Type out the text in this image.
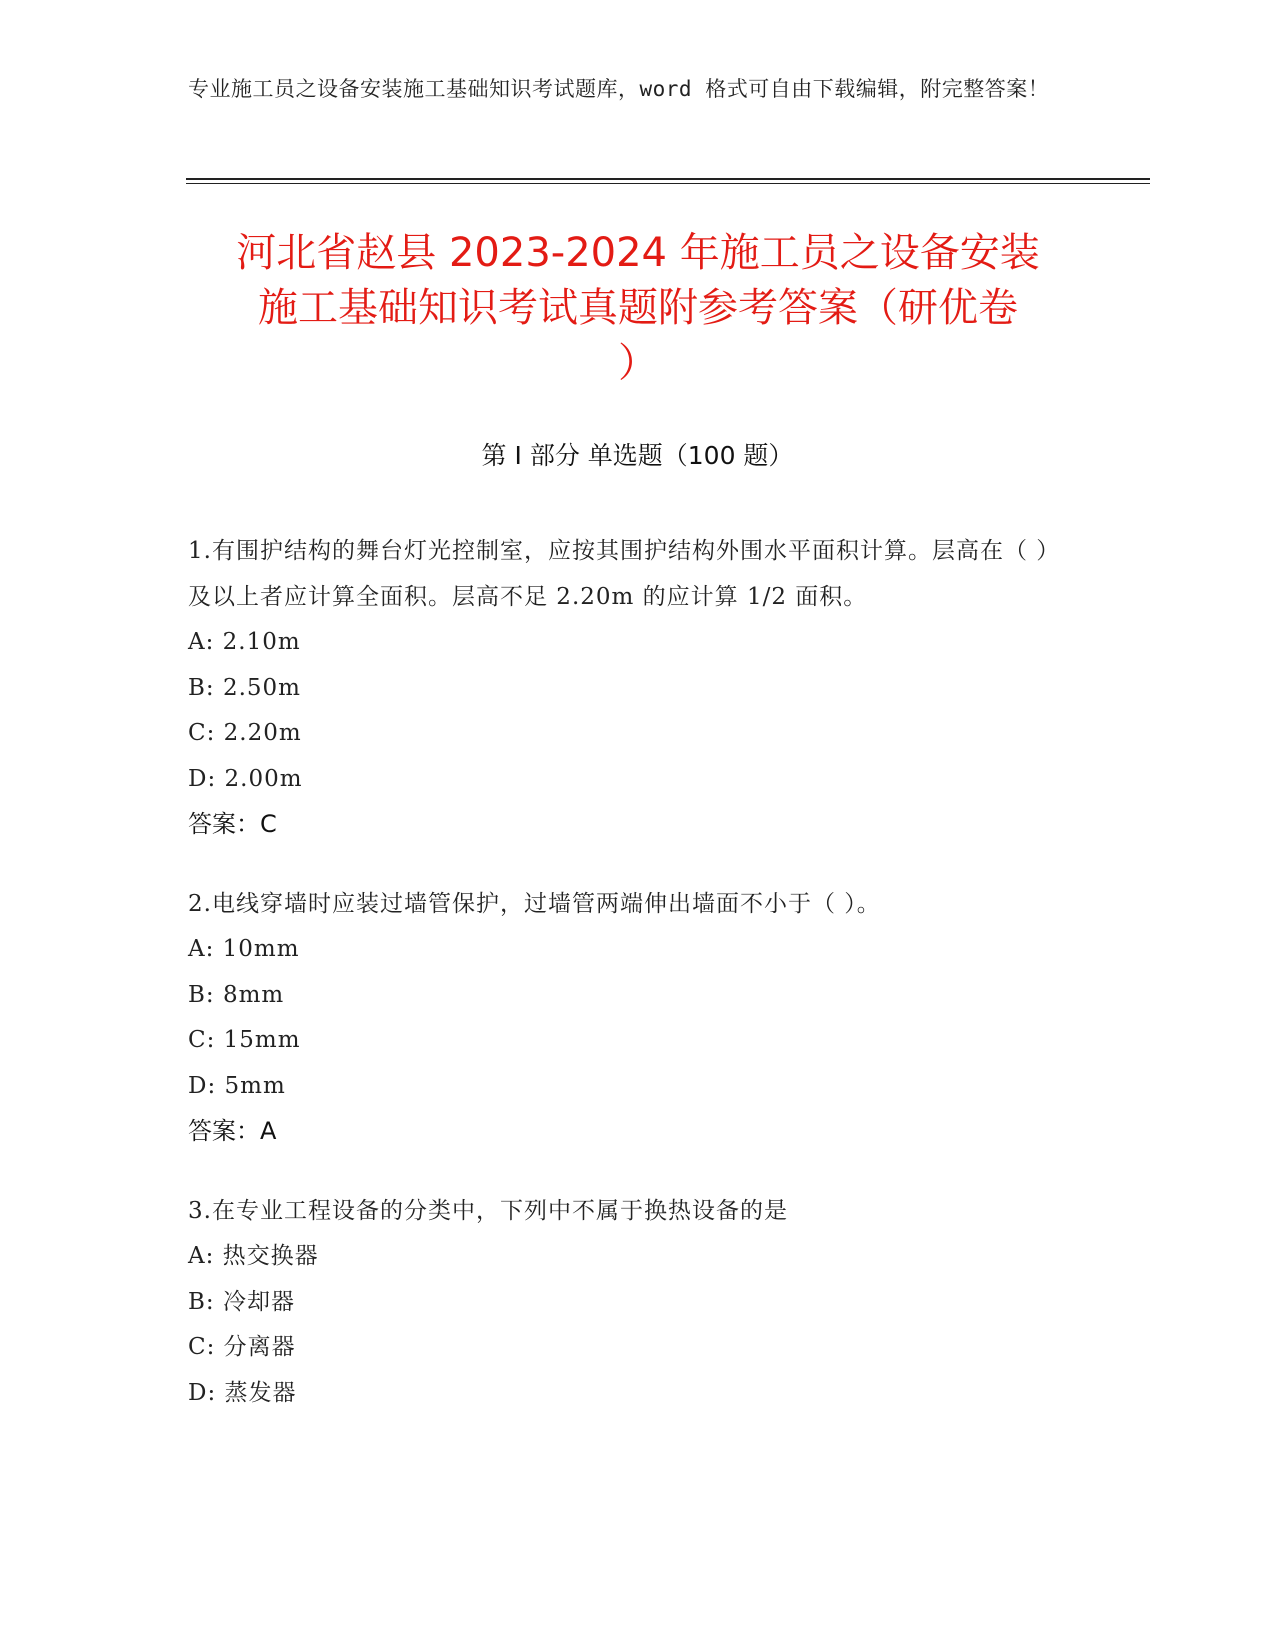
专业施工员之设备安装施工基础知识考试题库，word 格式可自由下载编辑，附完整答案！
河北省赵县 2023-2024 年施工员之设备安装
施工基础知识考试真题附参考答案（研优卷
）
第 I 部分 单选题（100 题）
1.有围护结构的舞台灯光控制室，应按其围护结构外围水平面积计算。层高在（ ）及以上者应计算全面积。层高不足 2.20m 的应计算 1/2 面积。
A: 2.10m
B: 2.50m
C: 2.20m
D: 2.00m
答案：C
2.电线穿墙时应装过墙管保护，过墙管两端伸出墙面不小于（ ）。
A: 10mm
B: 8mm
C: 15mm
D: 5mm
答案：A
3.在专业工程设备的分类中，下列中不属于换热设备的是
A: 热交换器
B: 冷却器
C: 分离器
D: 蒸发器
